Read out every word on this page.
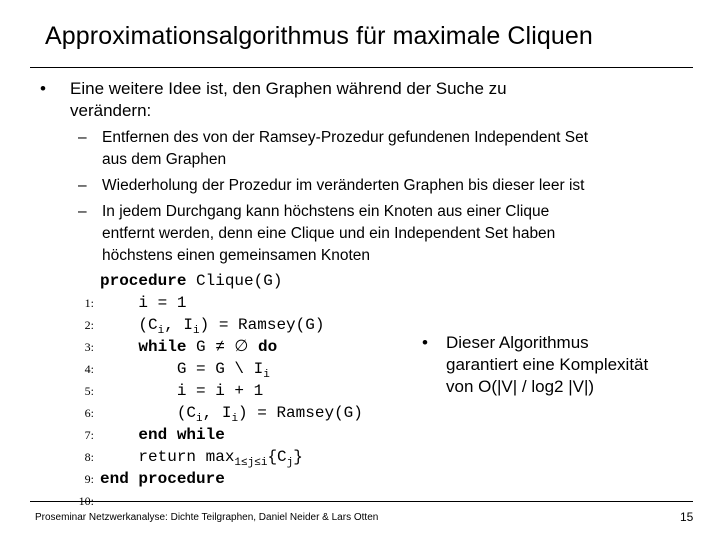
Approximationsalgorithmus für maximale Cliquen
• Eine weitere Idee ist, den Graphen während der Suche zu
verändern:
– Entfernen des von der Ramsey-Prozedur gefundenen Independent Set
aus dem Graphen
– Wiederholung der Prozedur im veränderten Graphen bis dieser leer ist
– In jedem Durchgang kann höchstens ein Knoten aus einer Clique
entfernt werden, denn eine Clique und ein Independent Set haben
höchstens einen gemeinsamen Knoten

1:

procedure Clique(G)

2:

i = 1

3:

($C_i$, $I_i$) = Ramsey(G)

4:

while G ≠ ∅ do

5:

G = G \ $I_i$

6:

i = i + 1

7:

($C_i$, $I_i$) = Ramsey(G)

8:

end while

9:

return $\max_{1\le j\le i}\{C_j\}$

10:

end procedure

• Dieser Algorithmus
garantiert eine Komplexität
von O(|V| / log2 |V|)
Proseminar Netzwerkanalyse: Dichte Teilgraphen, Daniel Neider & Lars Otten	15
